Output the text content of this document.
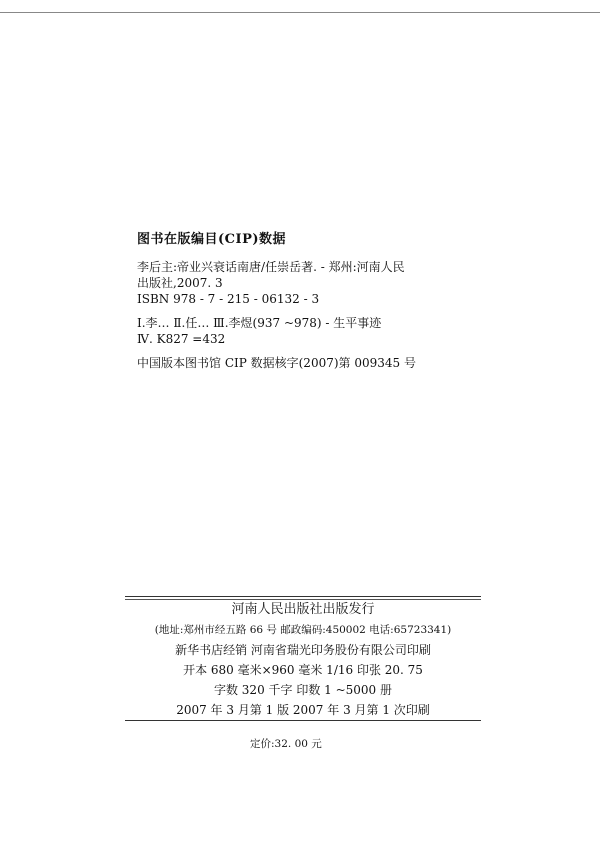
图书在版编目(CIP)数据

李后主:帝业兴衰话南唐/任崇岳著. - 郑州:河南人民

出版社,2007. 3

ISBN 978 - 7 - 215 - 06132 - 3

Ⅰ.李… Ⅱ.任… Ⅲ.李煜(937 ~978) - 生平事迹

Ⅳ. K827 =432

中国版本图书馆 CIP 数据核字(2007)第 009345 号

河南人民出版社出版发行

(地址:郑州市经五路 66 号 邮政编码:450002 电话:65723341)

新华书店经销 河南省瑞光印务股份有限公司印刷

开本 680 毫米×960 毫米 1/16 印张 20. 75

字数 320 千字 印数 1 ~5000 册

2007 年 3 月第 1 版 2007 年 3 月第 1 次印刷

定价:32. 00 元
